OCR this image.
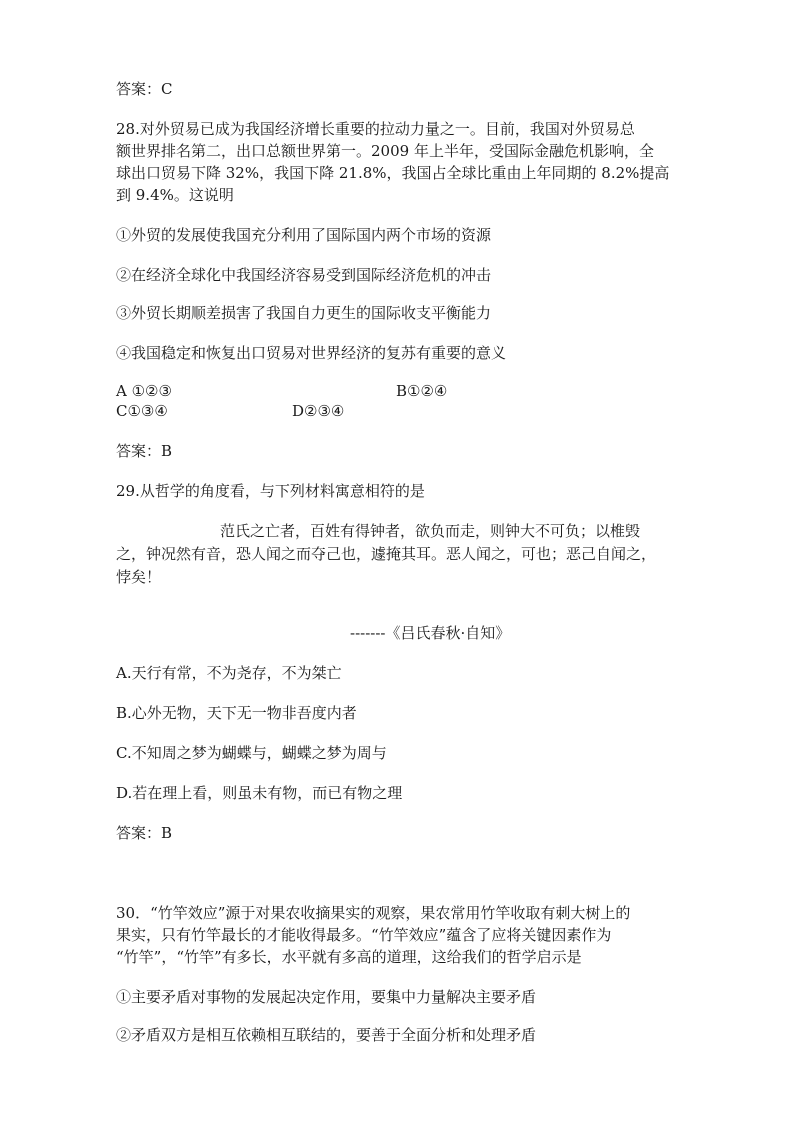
答案：C
28.对外贸易已成为我国经济增长重要的拉动力量之一。目前，我国对外贸易总
额世界排名第二，出口总额世界第一。2009 年上半年，受国际金融危机影响，全
球出口贸易下降 32%，我国下降 21.8%，我国占全球比重由上年同期的 8.2%提高
到 9.4%。这说明
①外贸的发展使我国充分利用了国际国内两个市场的资源
②在经济全球化中我国经济容易受到国际经济危机的冲击
③外贸长期顺差损害了我国自力更生的国际收支平衡能力
④我国稳定和恢复出口贸易对世界经济的复苏有重要的意义
A ①②③	B①②④
C①③④	D②③④
答案：B
29.从哲学的角度看，与下列材料寓意相符的是
范氏之亡者，百姓有得钟者，欲负而走，则钟大不可负；以椎毁
之，钟况然有音，恐人闻之而夺己也，遽掩其耳。恶人闻之，可也；恶己自闻之，
悖矣！
-------《吕氏春秋·自知》
A.天行有常，不为尧存，不为桀亡
B.心外无物，天下无一物非吾度内者
C.不知周之梦为蝴蝶与，蝴蝶之梦为周与
D.若在理上看，则虽未有物，而已有物之理
答案：B
30．“竹竿效应”源于对果农收摘果实的观察，果农常用竹竿收取有刺大树上的
果实，只有竹竿最长的才能收得最多。“竹竿效应”蕴含了应将关键因素作为
“竹竿”，“竹竿”有多长，水平就有多高的道理，这给我们的哲学启示是
①主要矛盾对事物的发展起决定作用，要集中力量解决主要矛盾
②矛盾双方是相互依赖相互联结的，要善于全面分析和处理矛盾
